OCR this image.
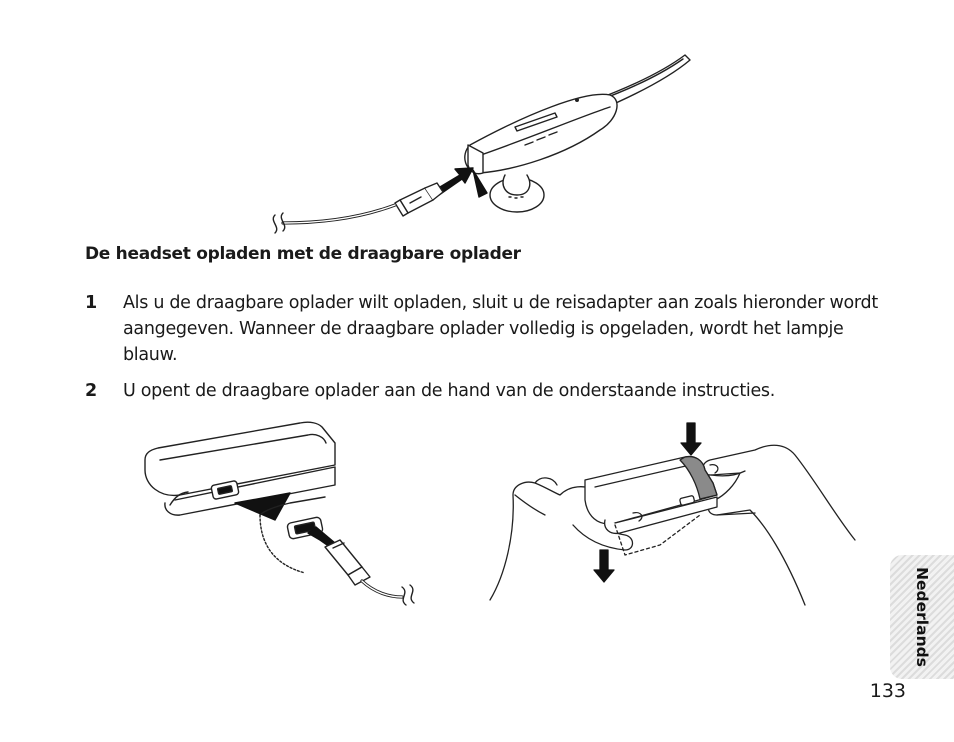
De headset opladen met de draagbare oplader
1 Als u de draagbare oplader wilt opladen, sluit u de reisadapter aan zoals hieronder wordt aangegeven. Wanneer de draagbare oplader volledig is opgeladen, wordt het lampje blauw.
2 U opent de draagbare oplader aan de hand van de onderstaande instructies.
Nederlands
133
